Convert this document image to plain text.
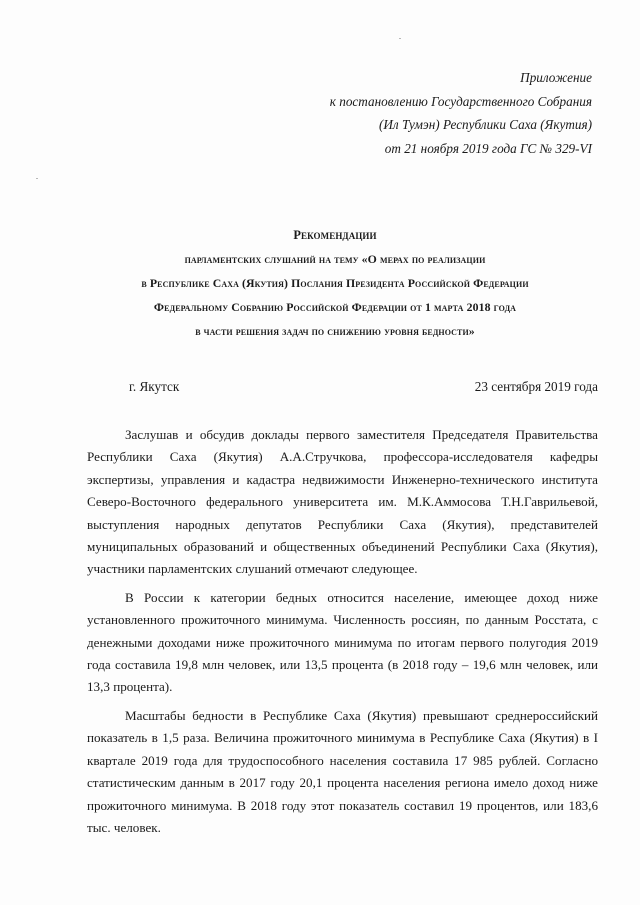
Приложение
к постановлению Государственного Собрания
(Ил Тумэн) Республики Саха (Якутия)
от 21 ноября 2019 года ГС № 329-VI
Рекомендации
парламентских слушаний на тему «О мерах по реализации
в Республике Саха (Якутия) Послания Президента Российской Федерации
Федеральному Собранию Российской Федерации от 1 марта 2018 года
в части решения задач по снижению уровня бедности»
г. Якутск	23 сентября 2019 года

Заслушав и обсудив доклады первого заместителя Председателя Правительства Республики Саха (Якутия) А.А.Стручкова, профессора-исследователя кафедры экспертизы, управления и кадастра недвижимости Инженерно-технического института Северо-Восточного федерального университета им. М.К.Аммосова Т.Н.Гаврильевой, выступления народных депутатов Республики Саха (Якутия), представителей муниципальных образований и общественных объединений Республики Саха (Якутия), участники парламентских слушаний отмечают следующее.

В России к категории бедных относится население, имеющее доход ниже установленного прожиточного минимума. Численность россиян, по данным Росстата, с денежными доходами ниже прожиточного минимума по итогам первого полугодия 2019 года составила 19,8 млн человек, или 13,5 процента (в 2018 году – 19,6 млн человек, или 13,3 процента).

Масштабы бедности в Республике Саха (Якутия) превышают среднероссийский показатель в 1,5 раза. Величина прожиточного минимума в Республике Саха (Якутия) в I квартале 2019 года для трудоспособного населения составила 17 985 рублей. Согласно статистическим данным в 2017 году 20,1 процента населения региона имело доход ниже прожиточного минимума. В 2018 году этот показатель составил 19 процентов, или 183,6 тыс. человек.
